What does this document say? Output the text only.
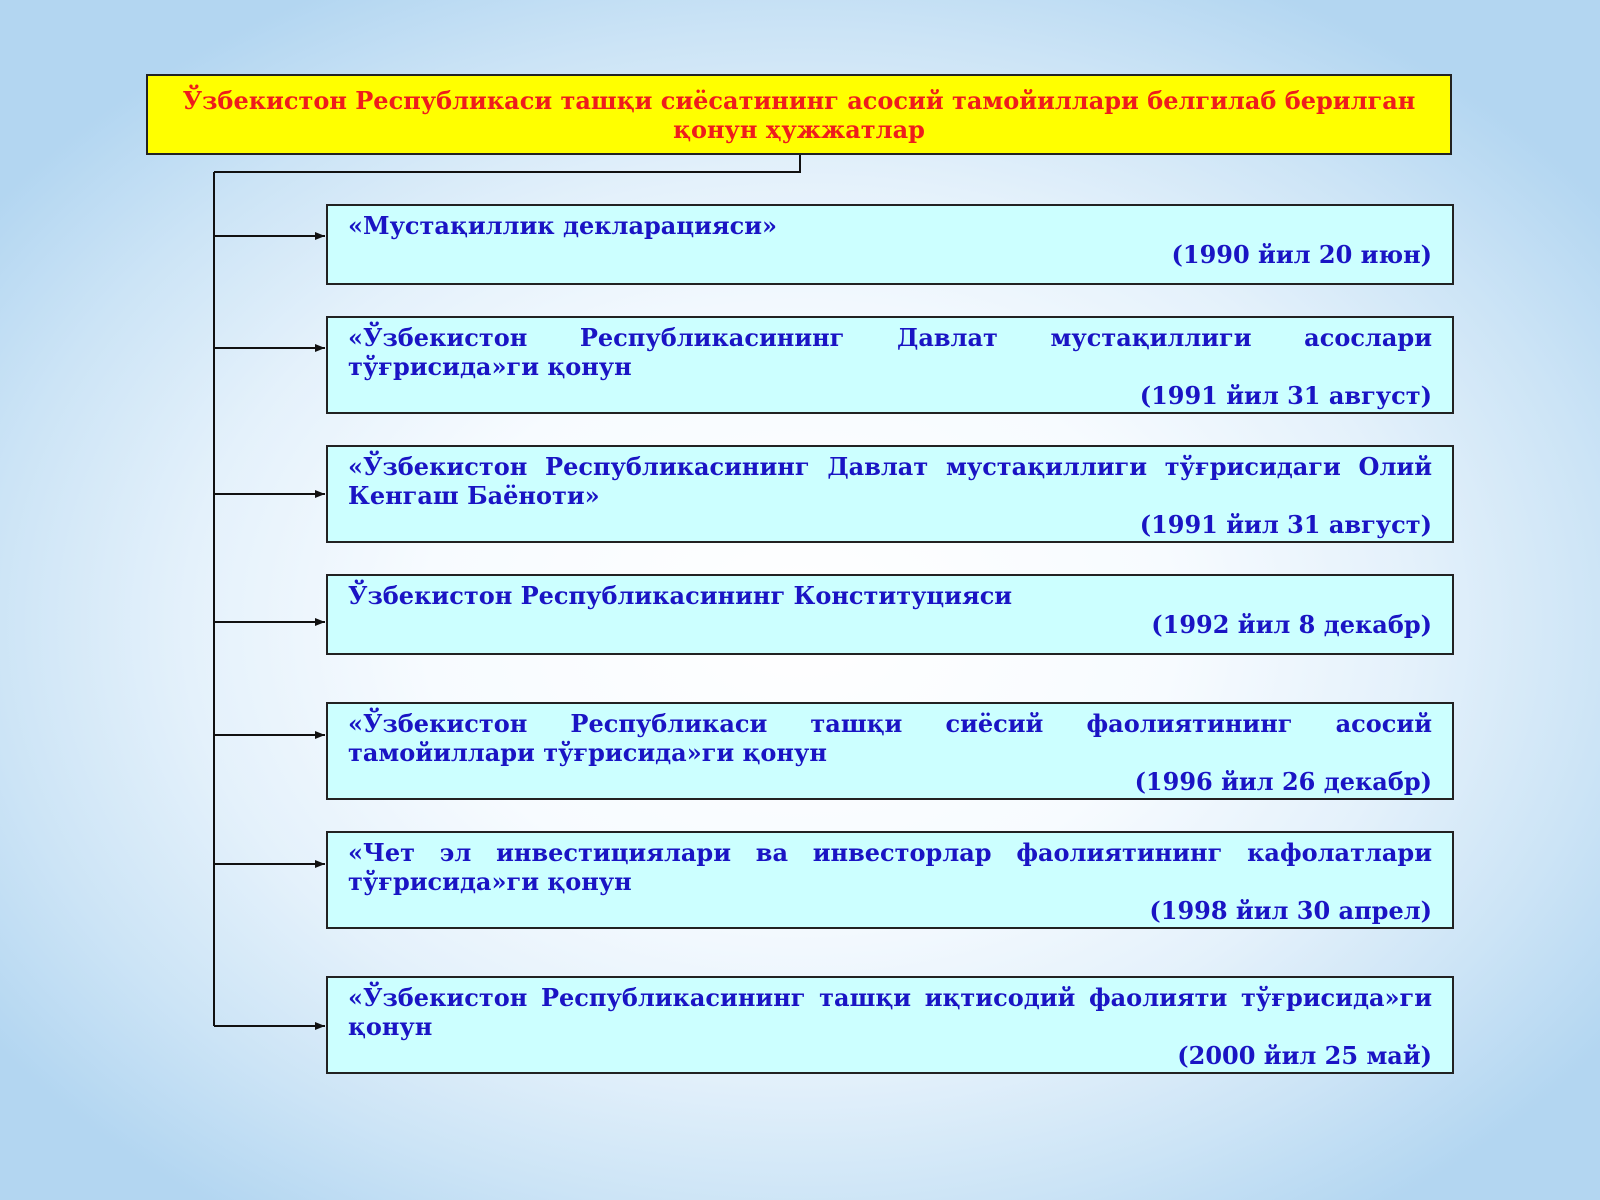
Ўзбекистон Республикаси ташқи сиёсатининг асосий тамойиллари белгилаб берилган қонун ҳужжатлар
«Мустақиллик декларацияси»
(1990 йил 20 июн)
«Ўзбекистон Республикасининг Давлат мустақиллиги асослари тўғрисида»ги қонун
(1991 йил 31 август)
«Ўзбекистон Республикасининг Давлат мустақиллиги тўғрисидаги Олий Кенгаш Баёноти»
(1991 йил 31 август)
Ўзбекистон Республикасининг Конституцияси
(1992 йил 8 декабр)
«Ўзбекистон Республикаси ташқи сиёсий фаолиятининг асосий тамойиллари тўғрисида»ги қонун
(1996 йил 26 декабр)
«Чет эл инвестициялари ва инвесторлар фаолиятининг кафолатлари тўғрисида»ги қонун
(1998 йил 30 апрел)
«Ўзбекистон Республикасининг ташқи иқтисодий фаолияти тўғрисида»ги қонун
(2000 йил 25 май)
